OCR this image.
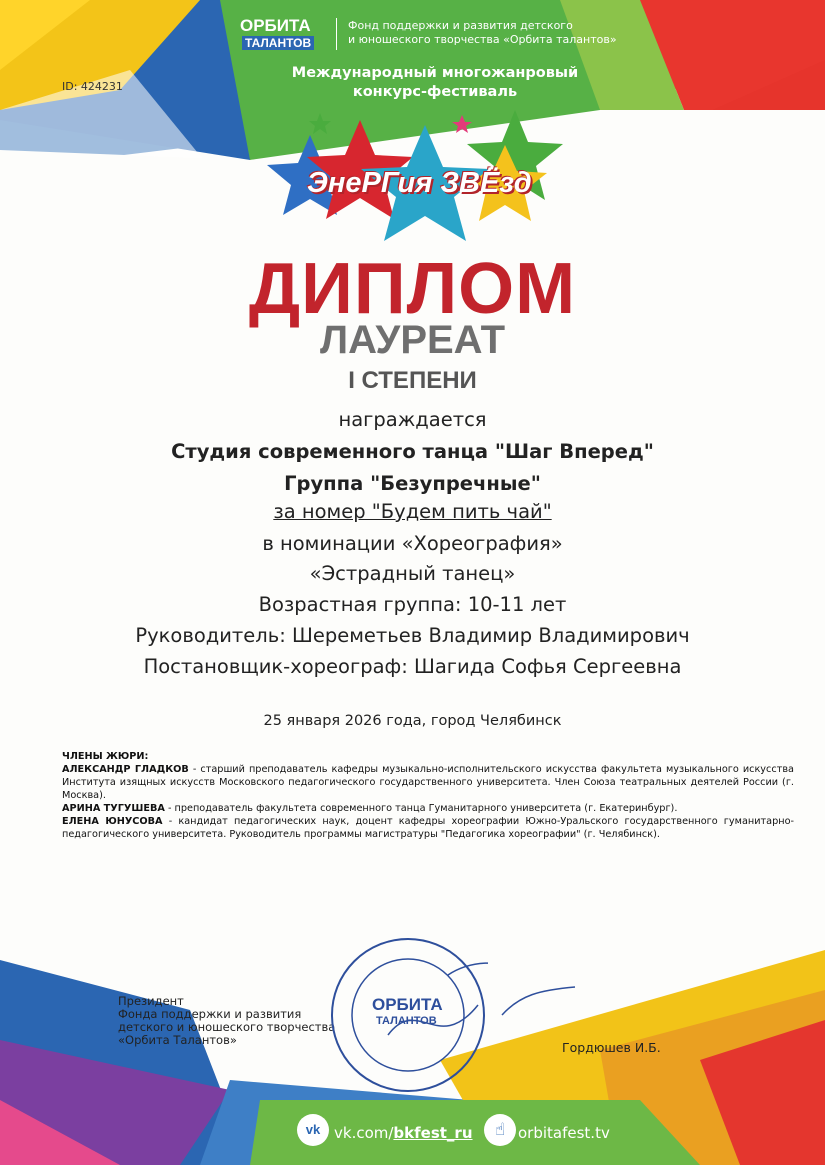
ID: 424231
ОРБИТА
ТАЛАНТОВ
Фонд поддержки и развития детского
и юношеского творчества «Орбита талантов»
Международный многожанровый
конкурс-фестиваль
ЭнеРГия ЗВЁзд
ДИПЛОМ
ЛАУРЕАТ
I СТЕПЕНИ
награждается
Студия современного танца "Шаг Вперед"
Группа "Безупречные"
за номер "Будем пить чай"
в номинации «Хореография»
«Эстрадный танец»
Возрастная группа: 10-11 лет
Руководитель: Шереметьев Владимир Владимирович
Постановщик-хореограф: Шагида Софья Сергеевна
25 января 2026 года, город Челябинск

ЧЛЕНЫ ЖЮРИ:

АЛЕКСАНДР ГЛАДКОВ - старший преподаватель кафедры музыкально-исполнительского искусства факультета музыкального искусства Института изящных искусств Московского педагогического государственного университета. Член Союза театральных деятелей России (г. Москва).

АРИНА ТУГУШЕВА - преподаватель факультета современного танца Гуманитарного университета (г. Екатеринбург).

ЕЛЕНА ЮНУСОВА - кандидат педагогических наук, доцент кафедры хореографии Южно-Уральского государственного гуманитарно-педагогического университета. Руководитель программы магистратуры "Педагогика хореографии" (г. Челябинск).

Президент
Фонда поддержки и развития
детского и юношеского творчества
«Орбита Талантов»
ОРБИТА
ТАЛАНТОВ
Гордюшев И.Б.
vk vk.com/bkfest_ru	☝ orbitafest.tv
